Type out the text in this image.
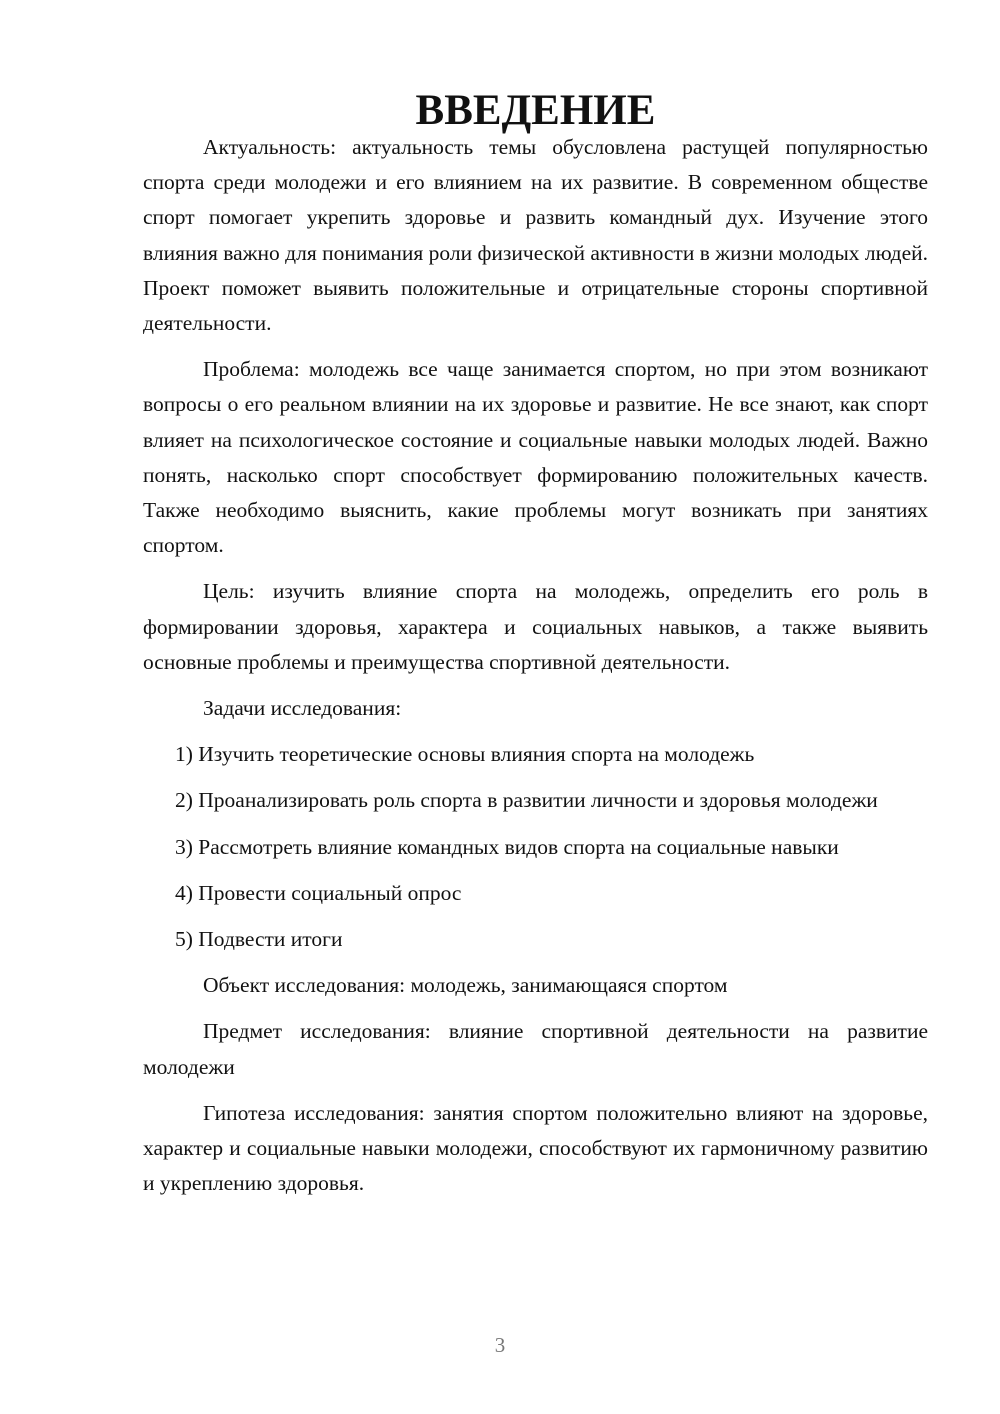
ВВЕДЕНИЕ

Актуальность: актуальность темы обусловлена растущей популярностью спорта среди молодежи и его влиянием на их развитие. В современном обществе спорт помогает укрепить здоровье и развить командный дух. Изучение этого влияния важно для понимания роли физической активности в жизни молодых людей. Проект поможет выявить положительные и отрицательные стороны спортивной деятельности.

Проблема: молодежь все чаще занимается спортом, но при этом возникают вопросы о его реальном влиянии на их здоровье и развитие. Не все знают, как спорт влияет на психологическое состояние и социальные навыки молодых людей. Важно понять, насколько спорт способствует формированию положительных качеств. Также необходимо выяснить, какие проблемы могут возникать при занятиях спортом.

Цель: изучить влияние спорта на молодежь, определить его роль в формировании здоровья, характера и социальных навыков, а также выявить основные проблемы и преимущества спортивной деятельности.

Задачи исследования:

1) Изучить теоретические основы влияния спорта на молодежь

2) Проанализировать роль спорта в развитии личности и здоровья молодежи

3) Рассмотреть влияние командных видов спорта на социальные навыки

4) Провести социальный опрос

5) Подвести итоги

Объект исследования: молодежь, занимающаяся спортом

Предмет исследования: влияние спортивной деятельности на развитие молодежи

Гипотеза исследования: занятия спортом положительно влияют на здоровье, характер и социальные навыки молодежи, способствуют их гармоничному развитию и укреплению здоровья.

3
